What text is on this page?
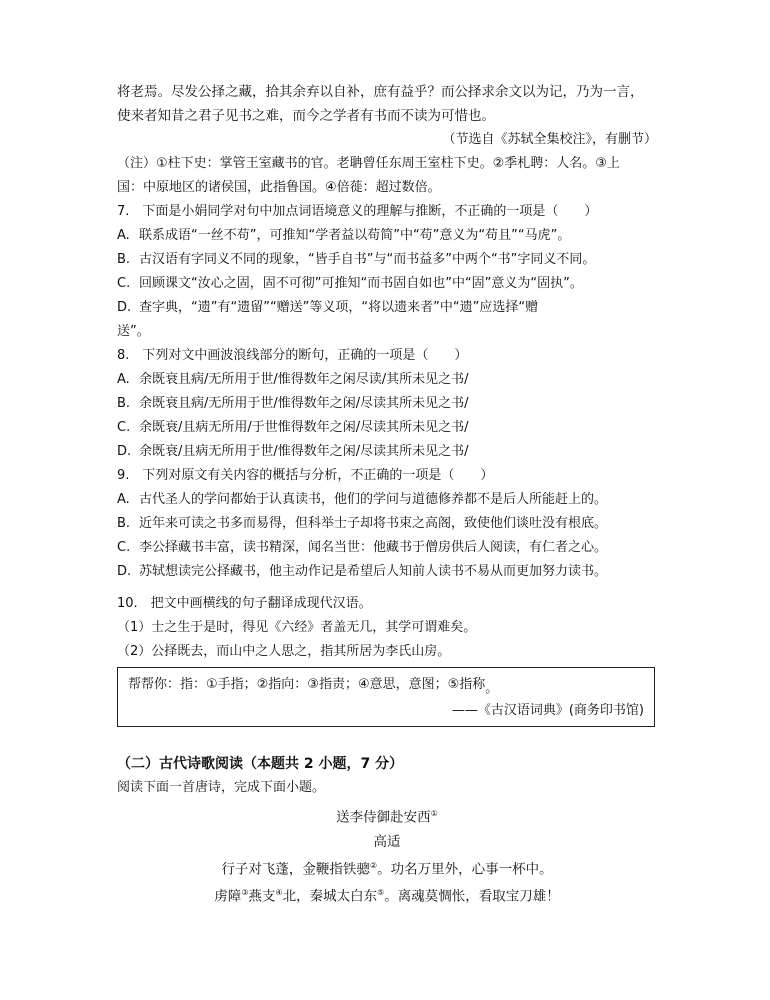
将老焉。尽发公择之藏，拾其余弃以自补，庶有益乎？而公择求余文以为记，乃为一言，
使来者知昔之君子见书之难，而今之学者有书而不读为可惜也。
（节选自《苏轼全集校注》，有删节）
（注）①柱下史：掌管王室藏书的官。老聃曾任东周王室柱下史。②季札聘：人名。③上
国：中原地区的诸侯国，此指鲁国。④倍蓰：超过数倍。
7.　下面是小娟同学对句中加点词语境意义的理解与推断，不正确的一项是（　　）
A. 联系成语“一丝不苟”，可推知“学者益以苟简”中“苟”意义为“苟且”“马虎”。
B. 古汉语有字同义不同的现象，“皆手自书”与“而书益多”中两个“书”字同义不同。
C. 回顾课文“汝心之固，固不可彻”可推知“而书固自如也”中“固”意义为“固执”。
D. 查字典，“遗”有“遗留”“赠送”等义项，“将以遗来者”中“遗”应选择“赠
送”。
8.　下列对文中画波浪线部分的断句，正确的一项是（　　）
A. 余既衰且病/无所用于世/惟得数年之闲尽读/其所未见之书/
B. 余既衰且病/无所用于世/惟得数年之闲/尽读其所未见之书/
C. 余既衰/且病无所用/于世惟得数年之闲/尽读其所未见之书/
D. 余既衰/且病无所用于世/惟得数年之闲/尽读其所未见之书/
9.　下列对原文有关内容的概括与分析，不正确的一项是（　　）
A. 古代圣人的学问都始于认真读书，他们的学问与道德修养都不是后人所能赶上的。
B. 近年来可读之书多而易得，但科举士子却将书束之高阁，致使他们谈吐没有根底。
C. 李公择藏书丰富，读书精深，闻名当世：他藏书于僧房供后人阅读，有仁者之心。
D. 苏轼想读完公择藏书，他主动作记是希望后人知前人读书不易从而更加努力读书。
10.　把文中画横线的句子翻译成现代汉语。
（1）士之生于是时，得见《六经》者盖无几，其学可谓难矣。
（2）公择既去，而山中之人思之，指其所居为李氏山房。
帮帮你：指：①手指；②指向：③指责；④意思，意图；⑤指称。
——《古汉语词典》(商务印书馆)
（二）古代诗歌阅读（本题共 2 小题，7 分）
阅读下面一首唐诗，完成下面小题。
送李侍御赴安西①
高适
行子对飞蓬，金鞭指铁骢②。功名万里外，心事一杯中。
虏障③燕支④北，秦城太白东⑤。离魂莫惆怅，看取宝刀雄！
